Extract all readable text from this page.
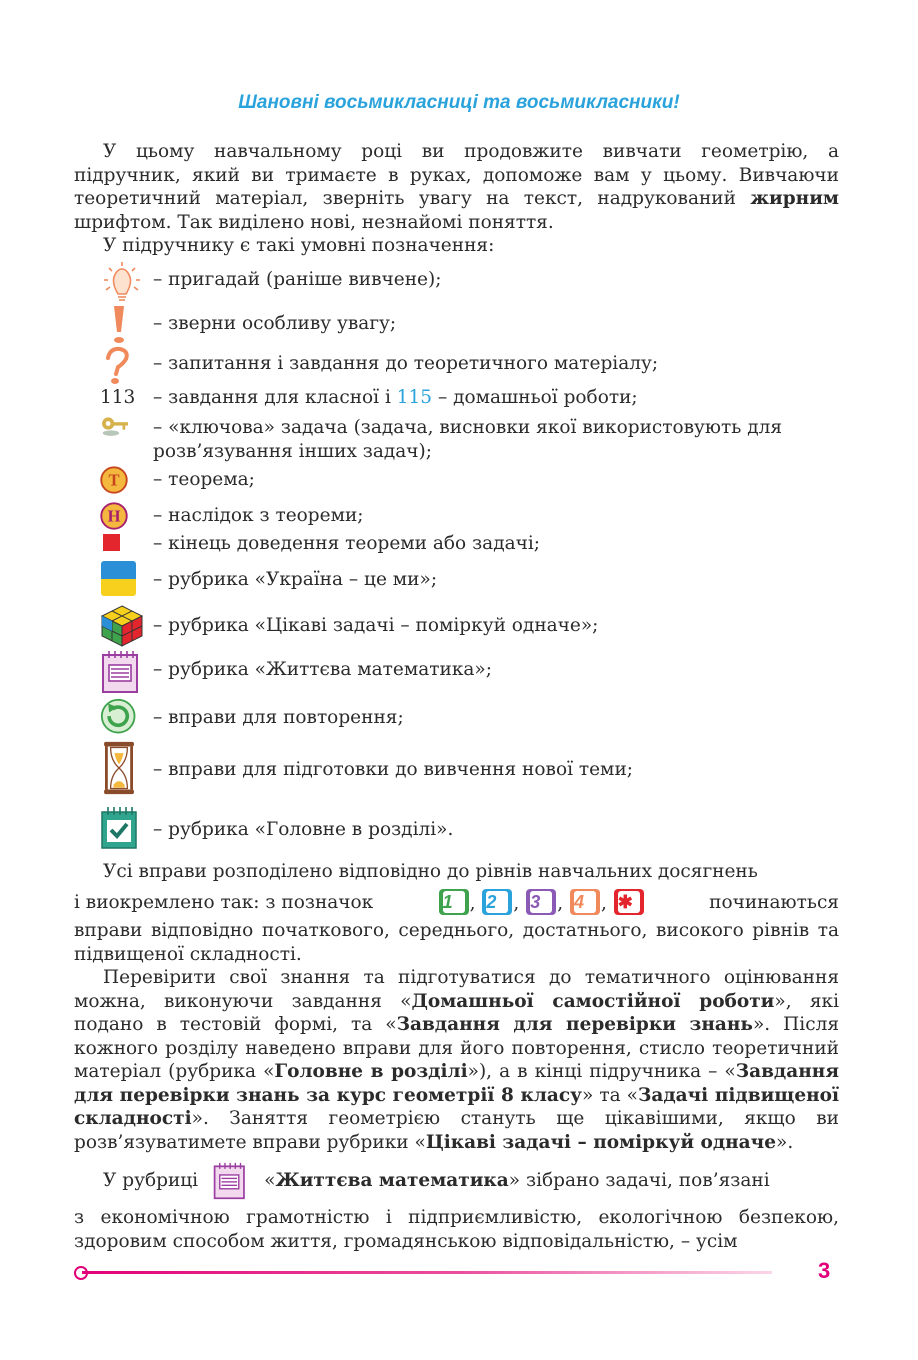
Шановні восьмикласниці та восьмикласники!
У цьому навчальному році ви продовжите вивчати геометрію, а підручник, який ви тримаєте в руках, допоможе вам у цьому. Вивчаючи теоретичний матеріал, зверніть увагу на текст, надрукований жирним шрифтом. Так виділено нові, незнайомі поняття.
У підручнику є такі умовні позначення:
– пригадай (раніше вивчене);
– зверни особливу увагу;
– запитання і завдання до теоретичного матеріалу;
113 – завдання для класної і 115 – домашньої роботи;
– «ключова» задача (задача, висновки якої використовують для розв’язування інших задач);
Т – теорема;
Н – наслідок з теореми;
– кінець доведення теореми або задачі;
– рубрика «Україна – це ми»;
– рубрика «Цікаві задачі – поміркуй одначе»;
– рубрика «Життєва математика»;
– вправи для повторення;
– вправи для підготовки до вивчення нової теми;
– рубрика «Головне в розділі».
Усі вправи розподілено відповідно до рівнів навчальних досягнень
і виокремлено так: з позначок	1 , 2 , 3 , 4 , ✱	починаються
вправи відповідно початкового, середнього, достатнього, високого рівнів та підвищеної складності.
Перевірити свої знання та підготуватися до тематичного оцінювання можна, виконуючи завдання «Домашньої самостійної роботи», які подано в тестовій формі, та «Завдання для перевірки знань». Після кожного розділу наведено вправи для його повторення, стисло теоретичний матеріал (рубрика «Головне в розділі»), а в кінці підручника – «Завдання для перевірки знань за курс геометрії 8 класу» та «Задачі підвищеної складності». Заняття геометрією стануть ще цікавішими, якщо ви розв’язуватимете вправи рубрики «Цікаві задачі – поміркуй одначе».
У рубриці	«Життєва математика» зібрано задачі, пов’язані
з економічною грамотністю і підприємливістю, екологічною безпекою, здоровим способом життя, громадянською відповідальністю, – усім
3
